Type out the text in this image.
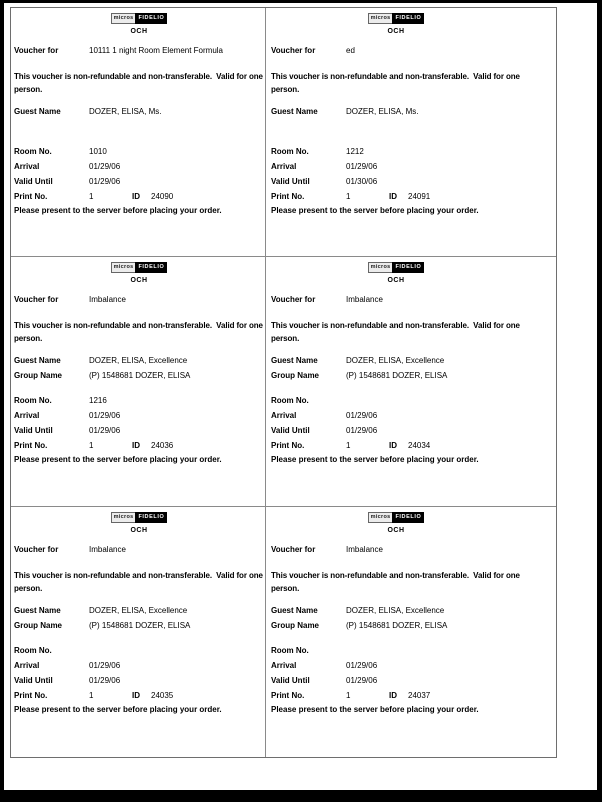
micros FIDELIO
OCH
Voucher for	10111 1 night Room Element Formula
This voucher is non-refundable and non-transferable.  Valid for one person.
Guest Name	DOZER, ELISA, Ms.
Room No.	1010
Arrival	01/29/06
Valid Until	01/29/06
Print No.	1	ID 24090
Please present to the server before placing your order.
micros FIDELIO
OCH
Voucher for	ed
This voucher is non-refundable and non-transferable.  Valid for one person.
Guest Name	DOZER, ELISA, Ms.
Room No.	1212
Arrival	01/29/06
Valid Until	01/30/06
Print No.	1	ID 24091
Please present to the server before placing your order.
micros FIDELIO
OCH
Voucher for	Imbalance
This voucher is non-refundable and non-transferable.  Valid for one person.
Guest Name	DOZER, ELISA, Excellence
Group Name	(P) 1548681 DOZER, ELISA
Room No.	1216
Arrival	01/29/06
Valid Until	01/29/06
Print No.	1	ID 24036
Please present to the server before placing your order.
micros FIDELIO
OCH
Voucher for	Imbalance
This voucher is non-refundable and non-transferable.  Valid for one person.
Guest Name	DOZER, ELISA, Excellence
Group Name	(P) 1548681 DOZER, ELISA
Room No.
Arrival	01/29/06
Valid Until	01/29/06
Print No.	1	ID 24034
Please present to the server before placing your order.
micros FIDELIO
OCH
Voucher for	Imbalance
This voucher is non-refundable and non-transferable.  Valid for one person.
Guest Name	DOZER, ELISA, Excellence
Group Name	(P) 1548681 DOZER, ELISA
Room No.
Arrival	01/29/06
Valid Until	01/29/06
Print No.	1	ID 24035
Please present to the server before placing your order.
micros FIDELIO
OCH
Voucher for	Imbalance
This voucher is non-refundable and non-transferable.  Valid for one person.
Guest Name	DOZER, ELISA, Excellence
Group Name	(P) 1548681 DOZER, ELISA
Room No.
Arrival	01/29/06
Valid Until	01/29/06
Print No.	1	ID 24037
Please present to the server before placing your order.
